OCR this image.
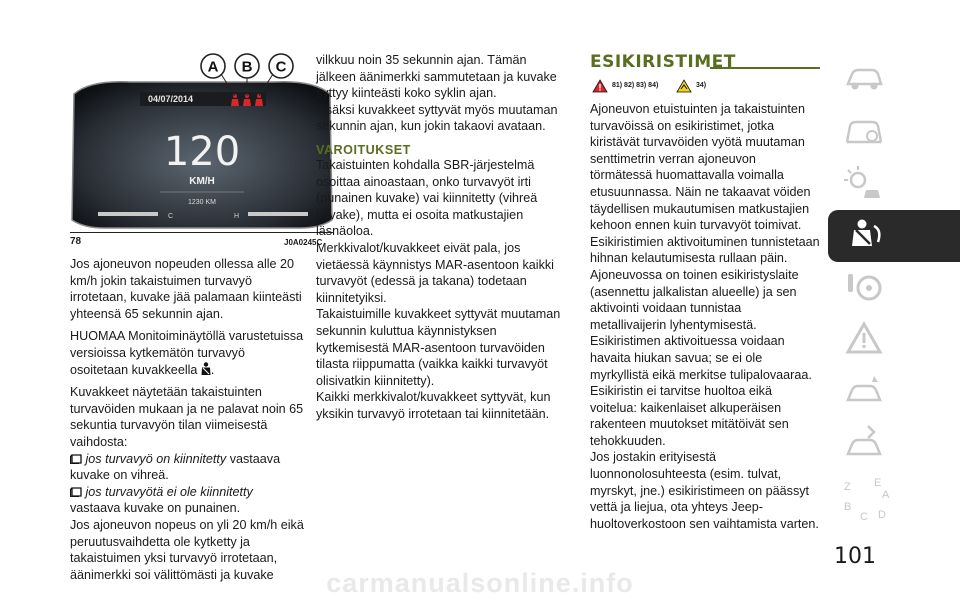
04/07/2014
A B C
120
KM/H
1230 KM
C	H
78	J0A0245C

Jos ajoneuvon nopeuden ollessa alle 20 km/h jokin takaistuimen turvavyö irrotetaan, kuvake jää palamaan kiinteästi yhteensä 65 sekunnin ajan.

HUOMAA Monitoiminäytöllä varustetuissa versioissa kytkemätön turvavyö osoitetaan kuvakkeella .

Kuvakkeet näytetään takaistuinten turvavöiden mukaan ja ne palavat noin 65 sekuntia turvavyön tilan viimeisestä vaihdosta:

jos turvavyö on kiinnitetty vastaava kuvake on vihreä.

jos turvavyötä ei ole kiinnitetty
vastaava kuvake on punainen.

Jos ajoneuvon nopeus on yli 20 km/h eikä peruutusvaihdetta ole kytketty ja takaistuimen yksi turvavyö irrotetaan, äänimerkki soi välittömästi ja kuvake

vilkkuu noin 35 sekunnin ajan. Tämän jälkeen äänimerkki sammutetaan ja kuvake syttyy kiinteästi koko syklin ajan.

Lisäksi kuvakkeet syttyvät myös muutaman sekunnin ajan, kun jokin takaovi avataan.

VAROITUKSET

Takaistuinten kohdalla SBR-järjestelmä osoittaa ainoastaan, onko turvavyöt irti (punainen kuvake) vai kiinnitetty (vihreä kuvake), mutta ei osoita matkustajien läsnäoloa.

Merkkivalot/kuvakkeet eivät pala, jos vietäessä käynnistys MAR-asentoon kaikki turvavyöt (edessä ja takana) todetaan kiinnitetyiksi.

Takaistuimille kuvakkeet syttyvät muutaman sekunnin kuluttua käynnistyksen kytkemisestä MAR-asentoon turvavöiden tilasta riippumatta (vaikka kaikki turvavyöt olisivatkin kiinnitetty).

Kaikki merkkivalot/kuvakkeet syttyvät, kun yksikin turvavyö irrotetaan tai kiinnitetään.

ESIKIRISTIMET
81) 82) 83) 84)	34)

Ajoneuvon etuistuinten ja takaistuinten turvavöissä on esikiristimet, jotka kiristävät turvavöiden vyötä muutaman senttimetrin verran ajoneuvon törmätessä huomattavalla voimalla etusuunnassa. Näin ne takaavat vöiden täydellisen mukautumisen matkustajien kehoon ennen kuin turvavyöt toimivat.

Esikiristimien aktivoituminen tunnistetaan hihnan kelautumisesta rullaan päin.

Ajoneuvossa on toinen esikiristyslaite (asennettu jalkalistan alueelle) ja sen aktivointi voidaan tunnistaa metallivaijerin lyhentymisestä.

Esikiristimen aktivoituessa voidaan havaita hiukan savua; se ei ole myrkyllistä eikä merkitse tulipalovaaraa.

Esikiristin ei tarvitse huoltoa eikä voitelua: kaikenlaiset alkuperäisen rakenteen muutokset mitätöivät sen tehokkuuden.

Jos jostakin erityisestä luonnonolosuhteesta (esim. tulvat, myrskyt, jne.) esikiristimeen on päässyt vettä ja liejua, ota yhteys Jeep-huoltoverkostoon sen vaihtamista varten.

Z E
A
B
C D
101
carmanualsonline.info
